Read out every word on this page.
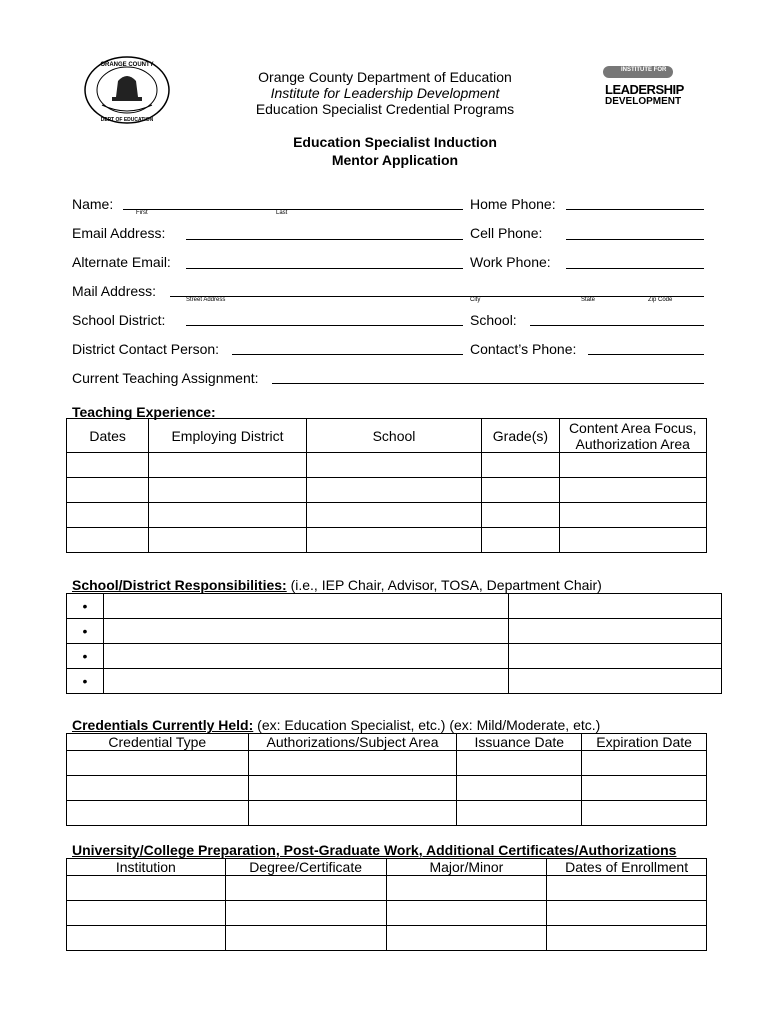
ORANGE COUNTY
DEPT OF EDUCATION
INSTITUTE FOR
LEADERSHIP
DEVELOPMENT
Orange County Department of Education
Institute for Leadership Development
Education Specialist Credential Programs
Education Specialist Induction
Mentor Application
Name:
First	Last
Home Phone:
Email Address:	Cell Phone:
Alternate Email:	Work Phone:
Mail Address:
Street Address	City	State	Zip Code
School District:	School:
District Contact Person:	Contact’s Phone:
Current Teaching Assignment:
Teaching Experience:
Dates	Employing District	School	Grade(s)	Content Area Focus, Authorization Area

School/District Responsibilities: (i.e., IEP Chair, Advisor, TOSA, Department Chair)
•		
•		
•		
•		
Credentials Currently Held: (ex: Education Specialist, etc.) (ex: Mild/Moderate, etc.)
Credential Type	Authorizations/Subject Area	Issuance Date	Expiration Date

University/College Preparation, Post-Graduate Work, Additional Certificates/Authorizations
Institution	Degree/Certificate	Major/Minor	Dates of Enrollment
